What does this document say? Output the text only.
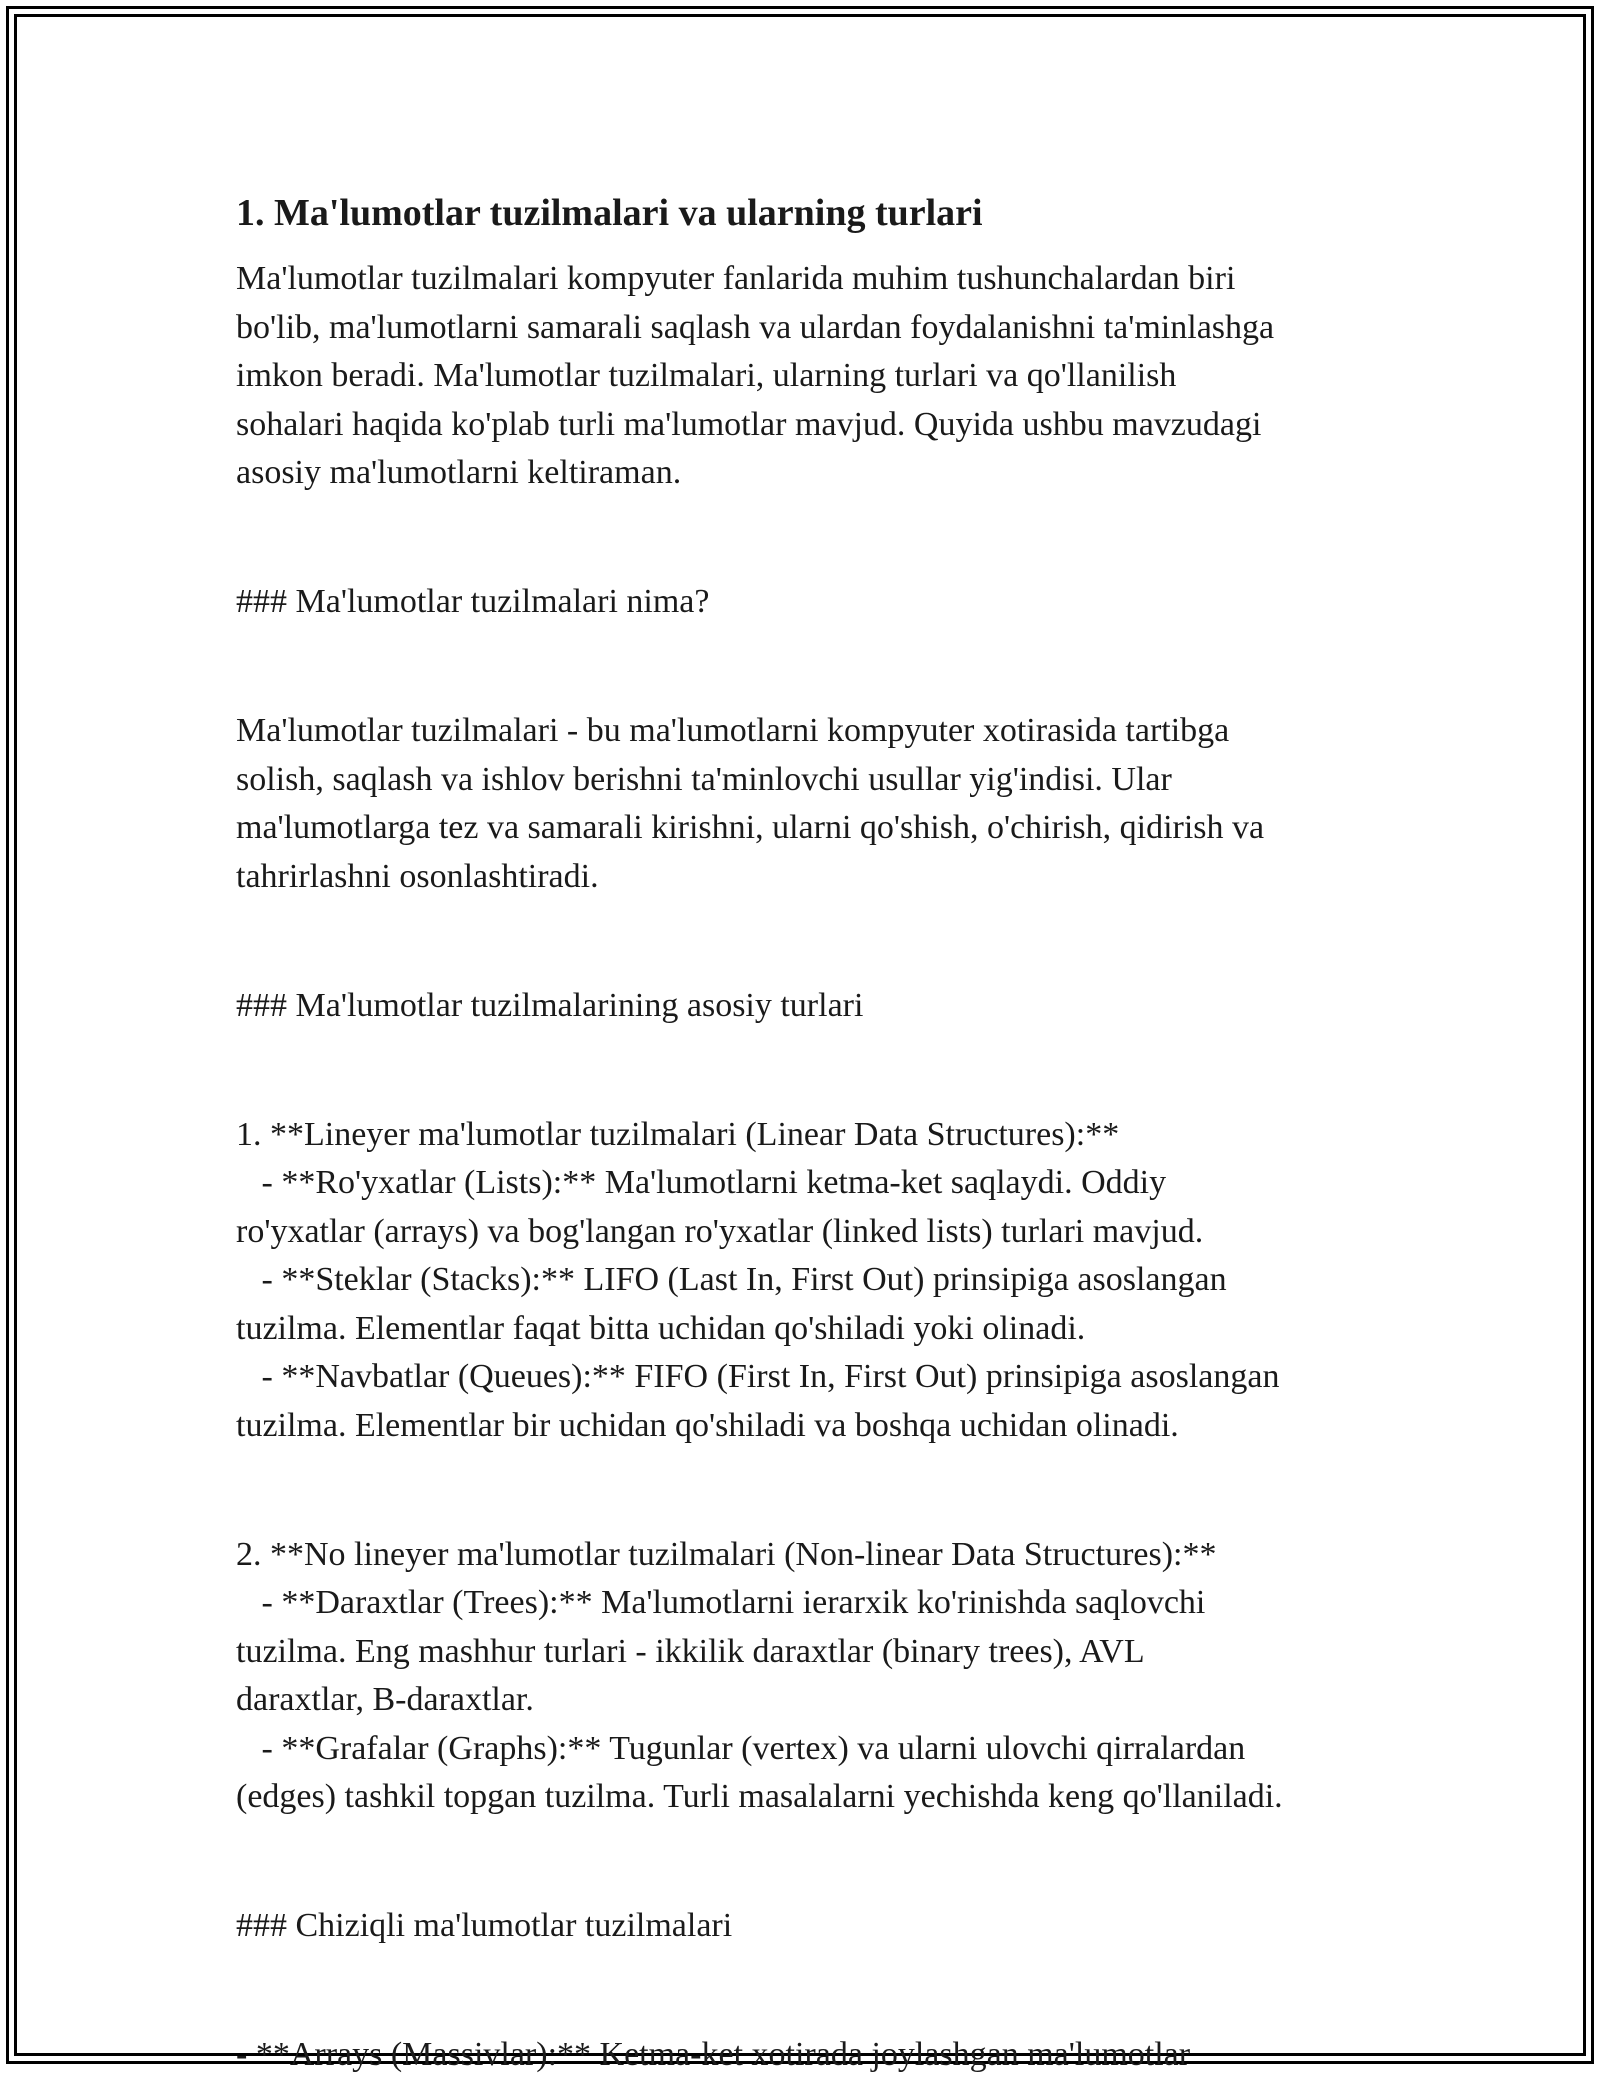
1. Ma'lumotlar tuzilmalari va ularning turlari

Ma'lumotlar tuzilmalari kompyuter fanlarida muhim tushunchalardan biri

bo'lib, ma'lumotlarni samarali saqlash va ulardan foydalanishni ta'minlashga

imkon beradi. Ma'lumotlar tuzilmalari, ularning turlari va qo'llanilish

sohalari haqida ko'plab turli ma'lumotlar mavjud. Quyida ushbu mavzudagi

asosiy ma'lumotlarni keltiraman.

### Ma'lumotlar tuzilmalari nima?

Ma'lumotlar tuzilmalari - bu ma'lumotlarni kompyuter xotirasida tartibga

solish, saqlash va ishlov berishni ta'minlovchi usullar yig'indisi. Ular

ma'lumotlarga tez va samarali kirishni, ularni qo'shish, o'chirish, qidirish va

tahrirlashni osonlashtiradi.

### Ma'lumotlar tuzilmalarining asosiy turlari

1. **Lineyer ma'lumotlar tuzilmalari (Linear Data Structures):**

- **Ro'yxatlar (Lists):** Ma'lumotlarni ketma-ket saqlaydi. Oddiy

ro'yxatlar (arrays) va bog'langan ro'yxatlar (linked lists) turlari mavjud.

- **Steklar (Stacks):** LIFO (Last In, First Out) prinsipiga asoslangan

tuzilma. Elementlar faqat bitta uchidan qo'shiladi yoki olinadi.

- **Navbatlar (Queues):** FIFO (First In, First Out) prinsipiga asoslangan

tuzilma. Elementlar bir uchidan qo'shiladi va boshqa uchidan olinadi.

2. **No lineyer ma'lumotlar tuzilmalari (Non-linear Data Structures):**

- **Daraxtlar (Trees):** Ma'lumotlarni ierarxik ko'rinishda saqlovchi

tuzilma. Eng mashhur turlari - ikkilik daraxtlar (binary trees), AVL

daraxtlar, B-daraxtlar.

- **Grafalar (Graphs):** Tugunlar (vertex) va ularni ulovchi qirralardan

(edges) tashkil topgan tuzilma. Turli masalalarni yechishda keng qo'llaniladi.

### Chiziqli ma'lumotlar tuzilmalari

- **Arrays (Massivlar):** Ketma-ket xotirada joylashgan ma'lumotlar
